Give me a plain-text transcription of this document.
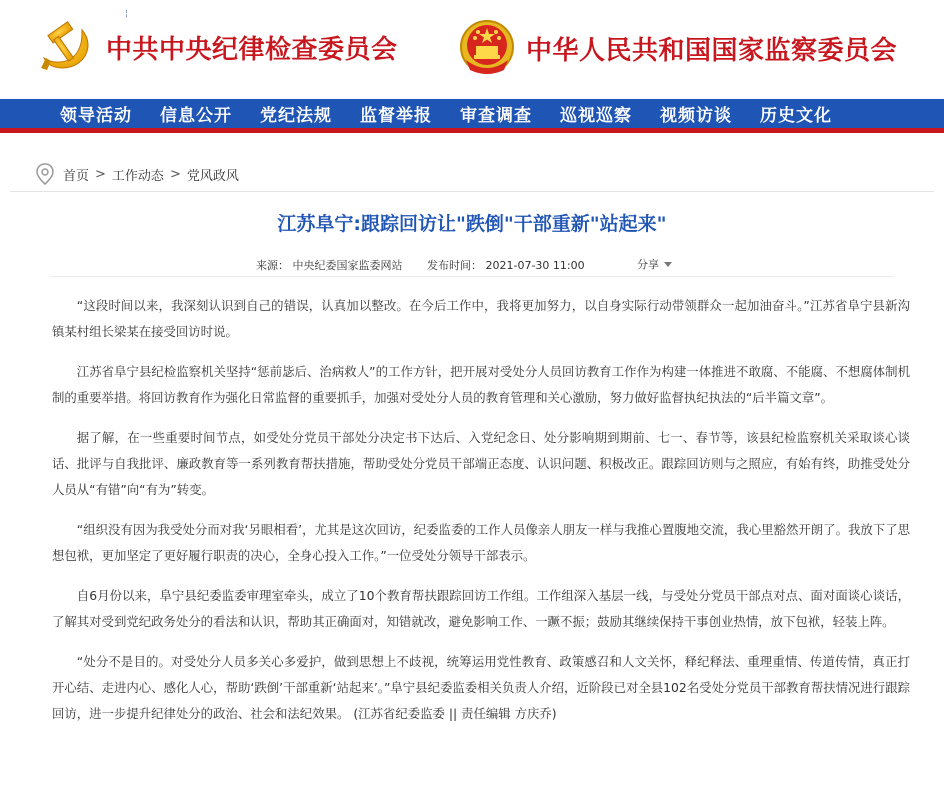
¦
中共中央纪律检查委员会	中华人民共和国国家监察委员会
领导活动 信息公开 党纪法规 监督举报 审查调查 巡视巡察 视频访谈 历史文化
首页 > 工作动态 > 党风政风
江苏阜宁:跟踪回访让"跌倒"干部重新"站起来"
来源： 中央纪委国家监委网站 发布时间： 2021-07-30 11:00	分享

“这段时间以来，我深刻认识到自己的错误，认真加以整改。在今后工作中，我将更加努力，以自身实际行动带领群众一起加油奋斗。”江苏省阜宁县新沟镇某村组长梁某在接受回访时说。

江苏省阜宁县纪检监察机关坚持“惩前毖后、治病救人”的工作方针，把开展对受处分人员回访教育工作作为构建一体推进不敢腐、不能腐、不想腐体制机制的重要举措。将回访教育作为强化日常监督的重要抓手，加强对受处分人员的教育管理和关心激励，努力做好监督执纪执法的“后半篇文章”。

据了解，在一些重要时间节点，如受处分党员干部处分决定书下达后、入党纪念日、处分影响期到期前、七一、春节等，该县纪检监察机关采取谈心谈话、批评与自我批评、廉政教育等一系列教育帮扶措施，帮助受处分党员干部端正态度、认识问题、积极改正。跟踪回访则与之照应，有始有终，助推受处分人员从“有错”向“有为”转变。

“组织没有因为我受处分而对我‘另眼相看’，尤其是这次回访，纪委监委的工作人员像亲人朋友一样与我推心置腹地交流，我心里豁然开朗了。我放下了思想包袱，更加坚定了更好履行职责的决心，全身心投入工作。”一位受处分领导干部表示。

自6月份以来，阜宁县纪委监委审理室牵头，成立了10个教育帮扶跟踪回访工作组。工作组深入基层一线，与受处分党员干部点对点、面对面谈心谈话，了解其对受到党纪政务处分的看法和认识，帮助其正确面对，知错就改，避免影响工作、一蹶不振；鼓励其继续保持干事创业热情，放下包袱，轻装上阵。

“处分不是目的。对受处分人员多关心多爱护，做到思想上不歧视，统筹运用党性教育、政策感召和人文关怀，释纪释法、重理重情、传道传情，真正打开心结、走进内心、感化人心，帮助‘跌倒’干部重新‘站起来’。”阜宁县纪委监委相关负责人介绍，近阶段已对全县102名受处分党员干部教育帮扶情况进行跟踪回访，进一步提升纪律处分的政治、社会和法纪效果。 (江苏省纪委监委 || 责任编辑 方庆乔)
